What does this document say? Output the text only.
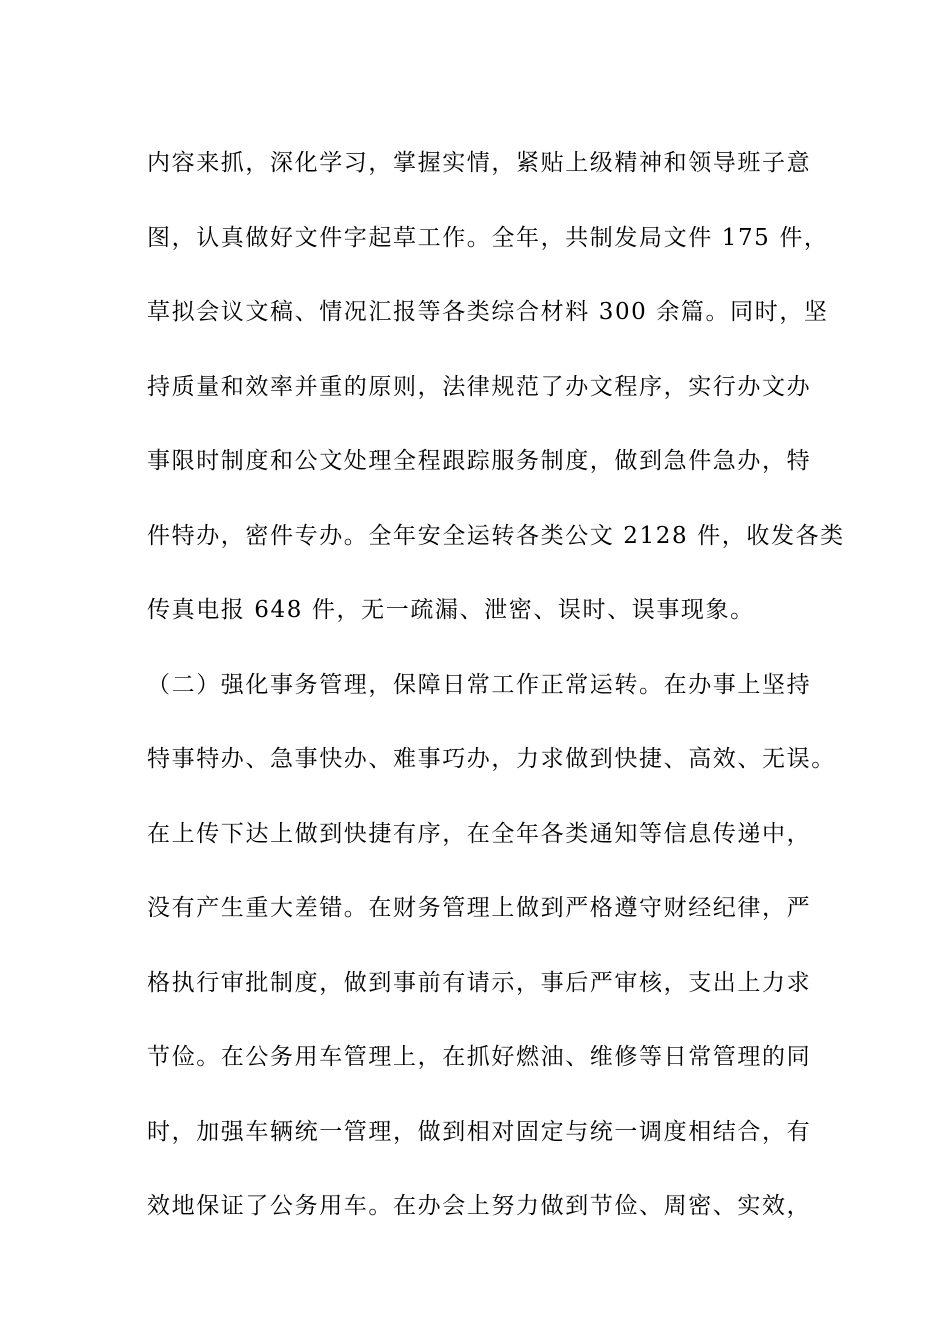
内容来抓，深化学习，掌握实情，紧贴上级精神和领导班子意
图，认真做好文件字起草工作。全年，共制发局文件 175 件，
草拟会议文稿、情况汇报等各类综合材料 300 余篇。同时，坚
持质量和效率并重的原则，法律规范了办文程序，实行办文办
事限时制度和公文处理全程跟踪服务制度，做到急件急办，特
件特办，密件专办。全年安全运转各类公文 2128 件，收发各类
传真电报 648 件，无一疏漏、泄密、误时、误事现象。
（二）强化事务管理，保障日常工作正常运转。在办事上坚持
特事特办、急事快办、难事巧办，力求做到快捷、高效、无误。
在上传下达上做到快捷有序，在全年各类通知等信息传递中，
没有产生重大差错。在财务管理上做到严格遵守财经纪律，严
格执行审批制度，做到事前有请示，事后严审核，支出上力求
节俭。在公务用车管理上，在抓好燃油、维修等日常管理的同
时，加强车辆统一管理，做到相对固定与统一调度相结合，有
效地保证了公务用车。在办会上努力做到节俭、周密、实效，
